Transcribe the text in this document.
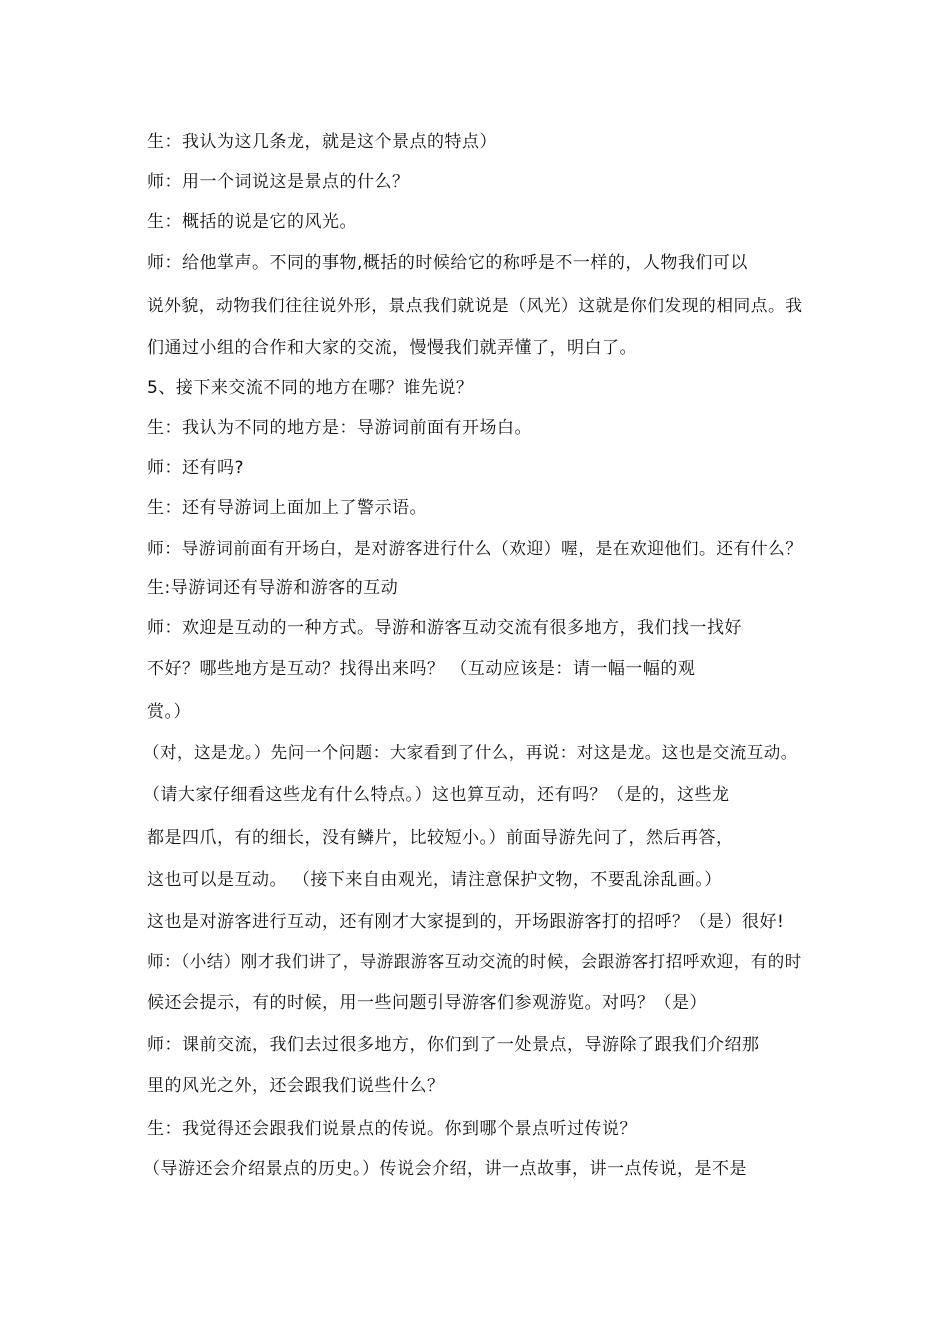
生：我认为这几条龙，就是这个景点的特点）
师：用一个词说这是景点的什么？
生：概括的说是它的风光。
师：给他掌声。不同的事物,概括的时候给它的称呼是不一样的，人物我们可以
说外貌，动物我们往往说外形，景点我们就说是（风光）这就是你们发现的相同点。我
们通过小组的合作和大家的交流，慢慢我们就弄懂了，明白了。
5、接下来交流不同的地方在哪？谁先说？
生：我认为不同的地方是：导游词前面有开场白。
师：还有吗?
生：还有导游词上面加上了警示语。
师：导游词前面有开场白，是对游客进行什么（欢迎）喔，是在欢迎他们。还有什么？
生:导游词还有导游和游客的互动
师：欢迎是互动的一种方式。导游和游客互动交流有很多地方，我们找一找好
不好？哪些地方是互动？找得出来吗？ （互动应该是：请一幅一幅的观
赏。）
（对，这是龙。）先问一个问题：大家看到了什么，再说：对这是龙。这也是交流互动。
（请大家仔细看这些龙有什么特点。）这也算互动，还有吗？（是的，这些龙
都是四爪，有的细长，没有鳞片，比较短小。）前面导游先问了，然后再答，
这也可以是互动。 （接下来自由观光，请注意保护文物，不要乱涂乱画。）
这也是对游客进行互动，还有刚才大家提到的，开场跟游客打的招呼？（是）很好!
师：（小结）刚才我们讲了，导游跟游客互动交流的时候，会跟游客打招呼欢迎，有的时
候还会提示，有的时候，用一些问题引导游客们参观游览。对吗？（是）
师：课前交流，我们去过很多地方，你们到了一处景点，导游除了跟我们介绍那
里的风光之外，还会跟我们说些什么？
生：我觉得还会跟我们说景点的传说。你到哪个景点听过传说？
（导游还会介绍景点的历史。）传说会介绍，讲一点故事，讲一点传说，是不是
